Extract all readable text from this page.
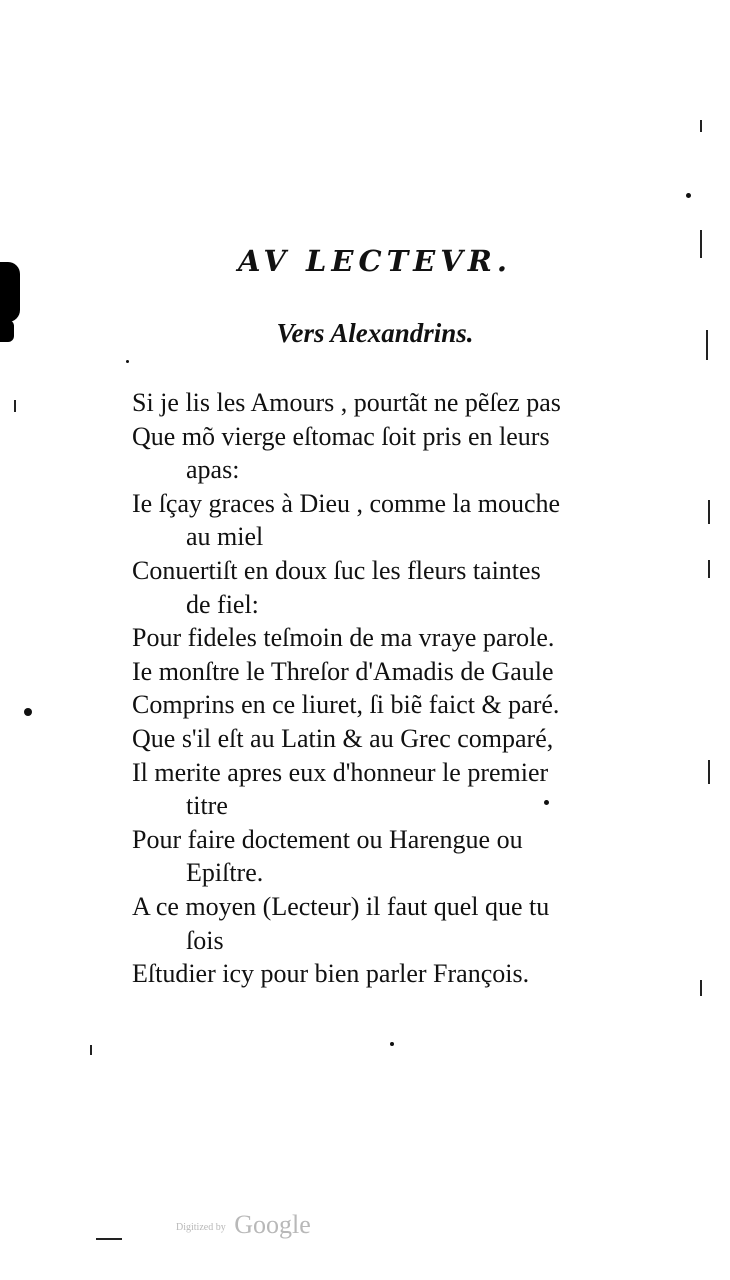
AV LECTEVR.
Vers Alexandrins.
Si je lis les Amours , pourtãt ne pẽſez pas
Que mõ vierge eſtomac ſoit pris en leurs
apas:
Ie ſçay graces à Dieu , comme la mouche
au miel
Conuertiſt en doux ſuc les fleurs taintes
de fiel:
Pour fideles teſmoin de ma vraye parole.
Ie monſtre le Threſor d'Amadis de Gaule
Comprins en ce liuret, ſi biẽ faict & paré.
Que s'il eſt au Latin & au Grec comparé,
Il merite apres eux d'honneur le premier
titre
Pour faire doctement ou Harengue ou
Epiſtre.
A ce moyen (Lecteur) il faut quel que tu
ſois
Eſtudier icy pour bien parler François.
Digitized by Google
